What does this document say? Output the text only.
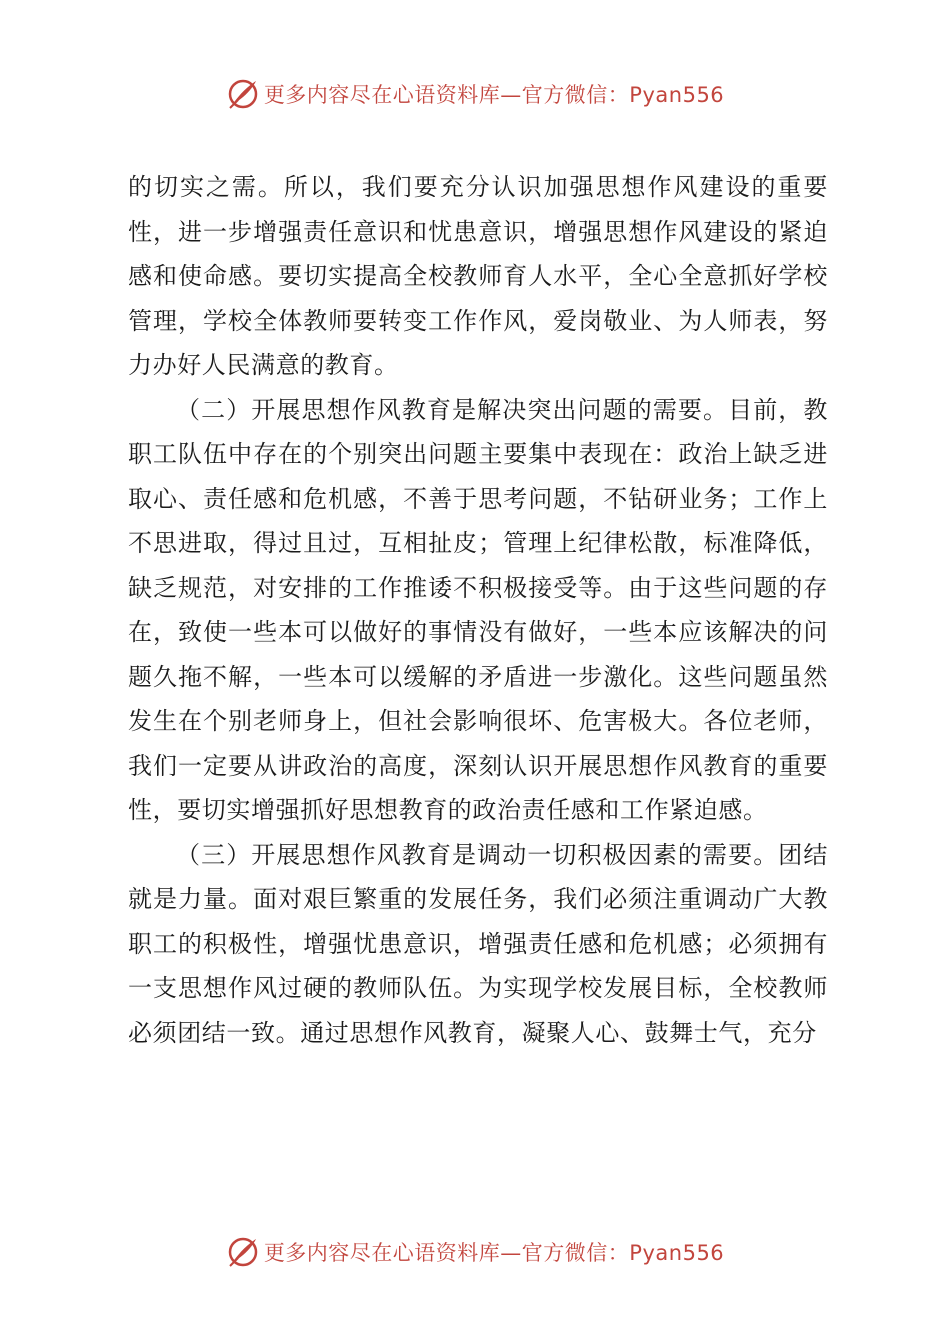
更多内容尽在心语资料库—官方微信：Pyan556

的切实之需。所以，我们要充分认识加强思想作风建设的重要性，进一步增强责任意识和忧患意识，增强思想作风建设的紧迫感和使命感。要切实提高全校教师育人水平，全心全意抓好学校管理，学校全体教师要转变工作作风，爱岗敬业、为人师表，努力办好人民满意的教育。

（二）开展思想作风教育是解决突出问题的需要。目前，教职工队伍中存在的个别突出问题主要集中表现在：政治上缺乏进取心、责任感和危机感，不善于思考问题，不钻研业务；工作上不思进取，得过且过，互相扯皮；管理上纪律松散，标准降低， 缺乏规范，对安排的工作推诿不积极接受等。由于这些问题的存在，致使一些本可以做好的事情没有做好，一些本应该解决的问题久拖不解，一些本可以缓解的矛盾进一步激化。这些问题虽然发生在个别老师身上，但社会影响很坏、危害极大。各位老师， 我们一定要从讲政治的高度，深刻认识开展思想作风教育的重要性，要切实增强抓好思想教育的政治责任感和工作紧迫感。

（三）开展思想作风教育是调动一切积极因素的需要。团结就是力量。面对艰巨繁重的发展任务，我们必须注重调动广大教职工的积极性，增强忧患意识，增强责任感和危机感；必须拥有一支思想作风过硬的教师队伍。为实现学校发展目标，全校教师必须团结一致。通过思想作风教育，凝聚人心、鼓舞士气，充分

更多内容尽在心语资料库—官方微信：Pyan556
